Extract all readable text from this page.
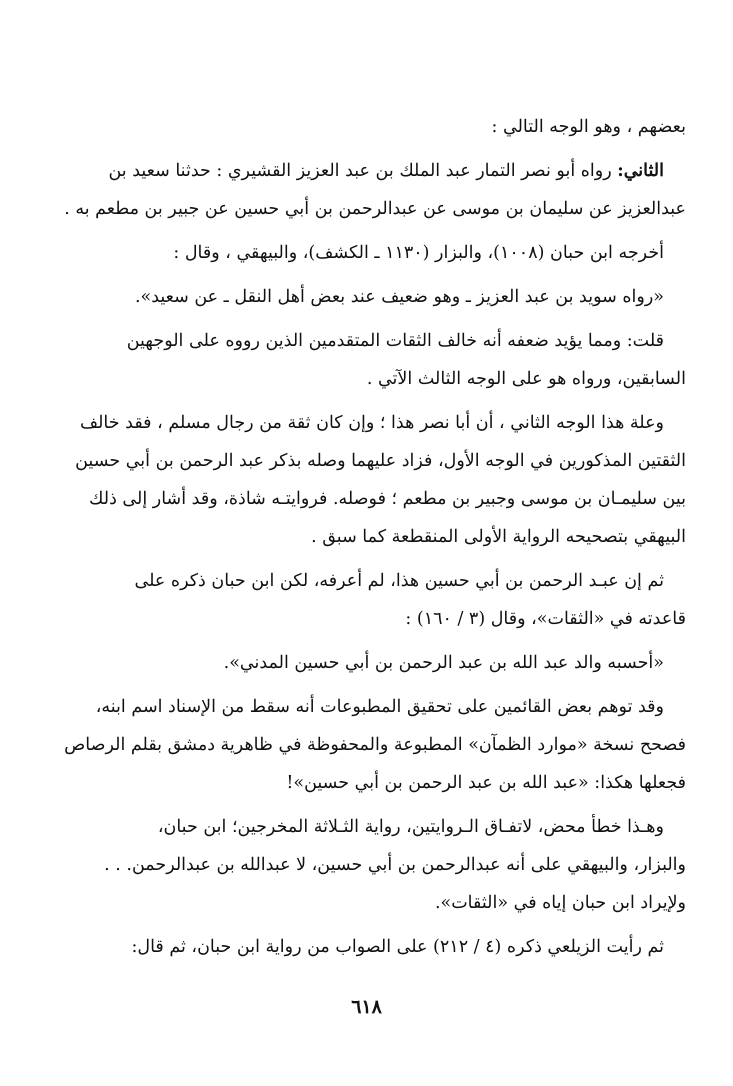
بعضهم ، وهو الوجه التالي :
الثاني: رواه أبو نصر التمار عبد الملك بن عبد العزيز القشيري : حدثنا سعيد بن
عبدالعزيز عن سليمان بن موسى عن عبدالرحمن بن أبي حسين عن جبير بن مطعم به .
أخرجه ابن حبان (١٠٠٨)، والبزار (١١٣٠ ـ الكشف)، والبيهقي ، وقال :
«رواه سويد بن عبد العزيز ـ وهو ضعيف عند بعض أهل النقل ـ عن سعيد».
قلت: ومما يؤيد ضعفه أنه خالف الثقات المتقدمين الذين رووه على الوجهين
السابقين، ورواه هو على الوجه الثالث الآتي .
وعلة هذا الوجه الثاني ، أن أبا نصر هذا ؛ وإن كان ثقة من رجال مسلم ، فقد خالف
الثقتين المذكورين في الوجه الأول، فزاد عليهما وصله بذكر عبد الرحمن بن أبي حسين
بين سليمـان بن موسى وجبير بن مطعم ؛ فوصله. فروايتـه شاذة، وقد أشار إلى ذلك
البيهقي بتصحيحه الرواية الأولى المنقطعة كما سبق .
ثم إن عبـد الرحمن بن أبي حسين هذا، لم أعرفه، لكن ابن حبان ذكره على
قاعدته في «الثقات»، وقال (٣ / ١٦٠) :
«أحسبه والد عبد الله بن عبد الرحمن بن أبي حسين المدني».
وقد توهم بعض القائمين على تحقيق المطبوعات أنه سقط من الإسناد اسم ابنه،
فصحح نسخة «موارد الظمآن» المطبوعة والمحفوظة في ظاهرية دمشق بقلم الرصاص
فجعلها هكذا: «عبد الله بن عبد الرحمن بن أبي حسين»!
وهـذا خطأ محض، لاتفـاق الـروايتين، رواية الثـلاثة المخرجين؛ ابن حبان،
والبزار، والبيهقي على أنه عبدالرحمن بن أبي حسين، لا عبدالله بن عبدالرحمن. . .
ولإيراد ابن حبان إياه في «الثقات».
ثم رأيت الزيلعي ذكره (٤ / ٢١٢) على الصواب من رواية ابن حبان، ثم قال:
٦١٨
